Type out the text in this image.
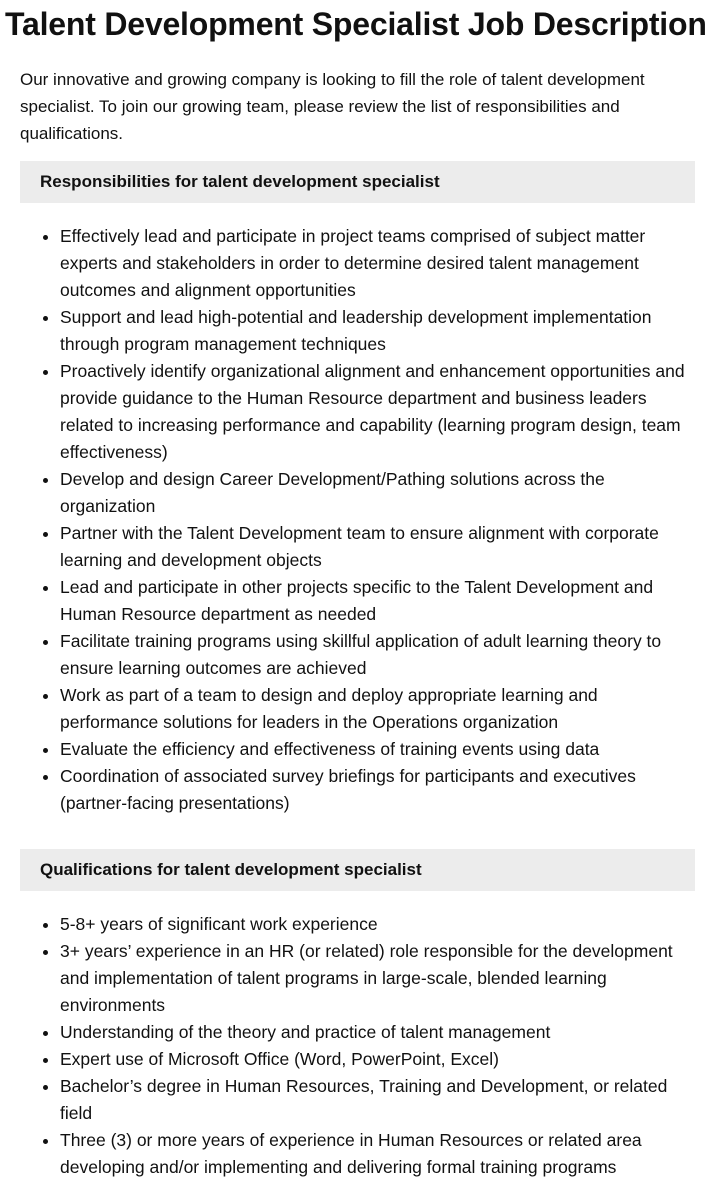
Talent Development Specialist Job Description

Our innovative and growing company is looking to fill the role of talent development specialist. To join our growing team, please review the list of responsibilities and qualifications.

Responsibilities for talent development specialist
• Effectively lead and participate in project teams comprised of subject matter experts and stakeholders in order to determine desired talent management outcomes and alignment opportunities
• Support and lead high-potential and leadership development implementation through program management techniques
• Proactively identify organizational alignment and enhancement opportunities and provide guidance to the Human Resource department and business leaders related to increasing performance and capability (learning program design, team effectiveness)
• Develop and design Career Development/Pathing solutions across the organization
• Partner with the Talent Development team to ensure alignment with corporate learning and development objects
• Lead and participate in other projects specific to the Talent Development and Human Resource department as needed
• Facilitate training programs using skillful application of adult learning theory to ensure learning outcomes are achieved
• Work as part of a team to design and deploy appropriate learning and performance solutions for leaders in the Operations organization
• Evaluate the efficiency and effectiveness of training events using data
• Coordination of associated survey briefings for participants and executives (partner-facing presentations)
Qualifications for talent development specialist
• 5-8+ years of significant work experience
• 3+ years’ experience in an HR (or related) role responsible for the development and implementation of talent programs in large-scale, blended learning environments
• Understanding of the theory and practice of talent management
• Expert use of Microsoft Office (Word, PowerPoint, Excel)
• Bachelor’s degree in Human Resources, Training and Development, or related field
• Three (3) or more years of experience in Human Resources or related area developing and/or implementing and delivering formal training programs
